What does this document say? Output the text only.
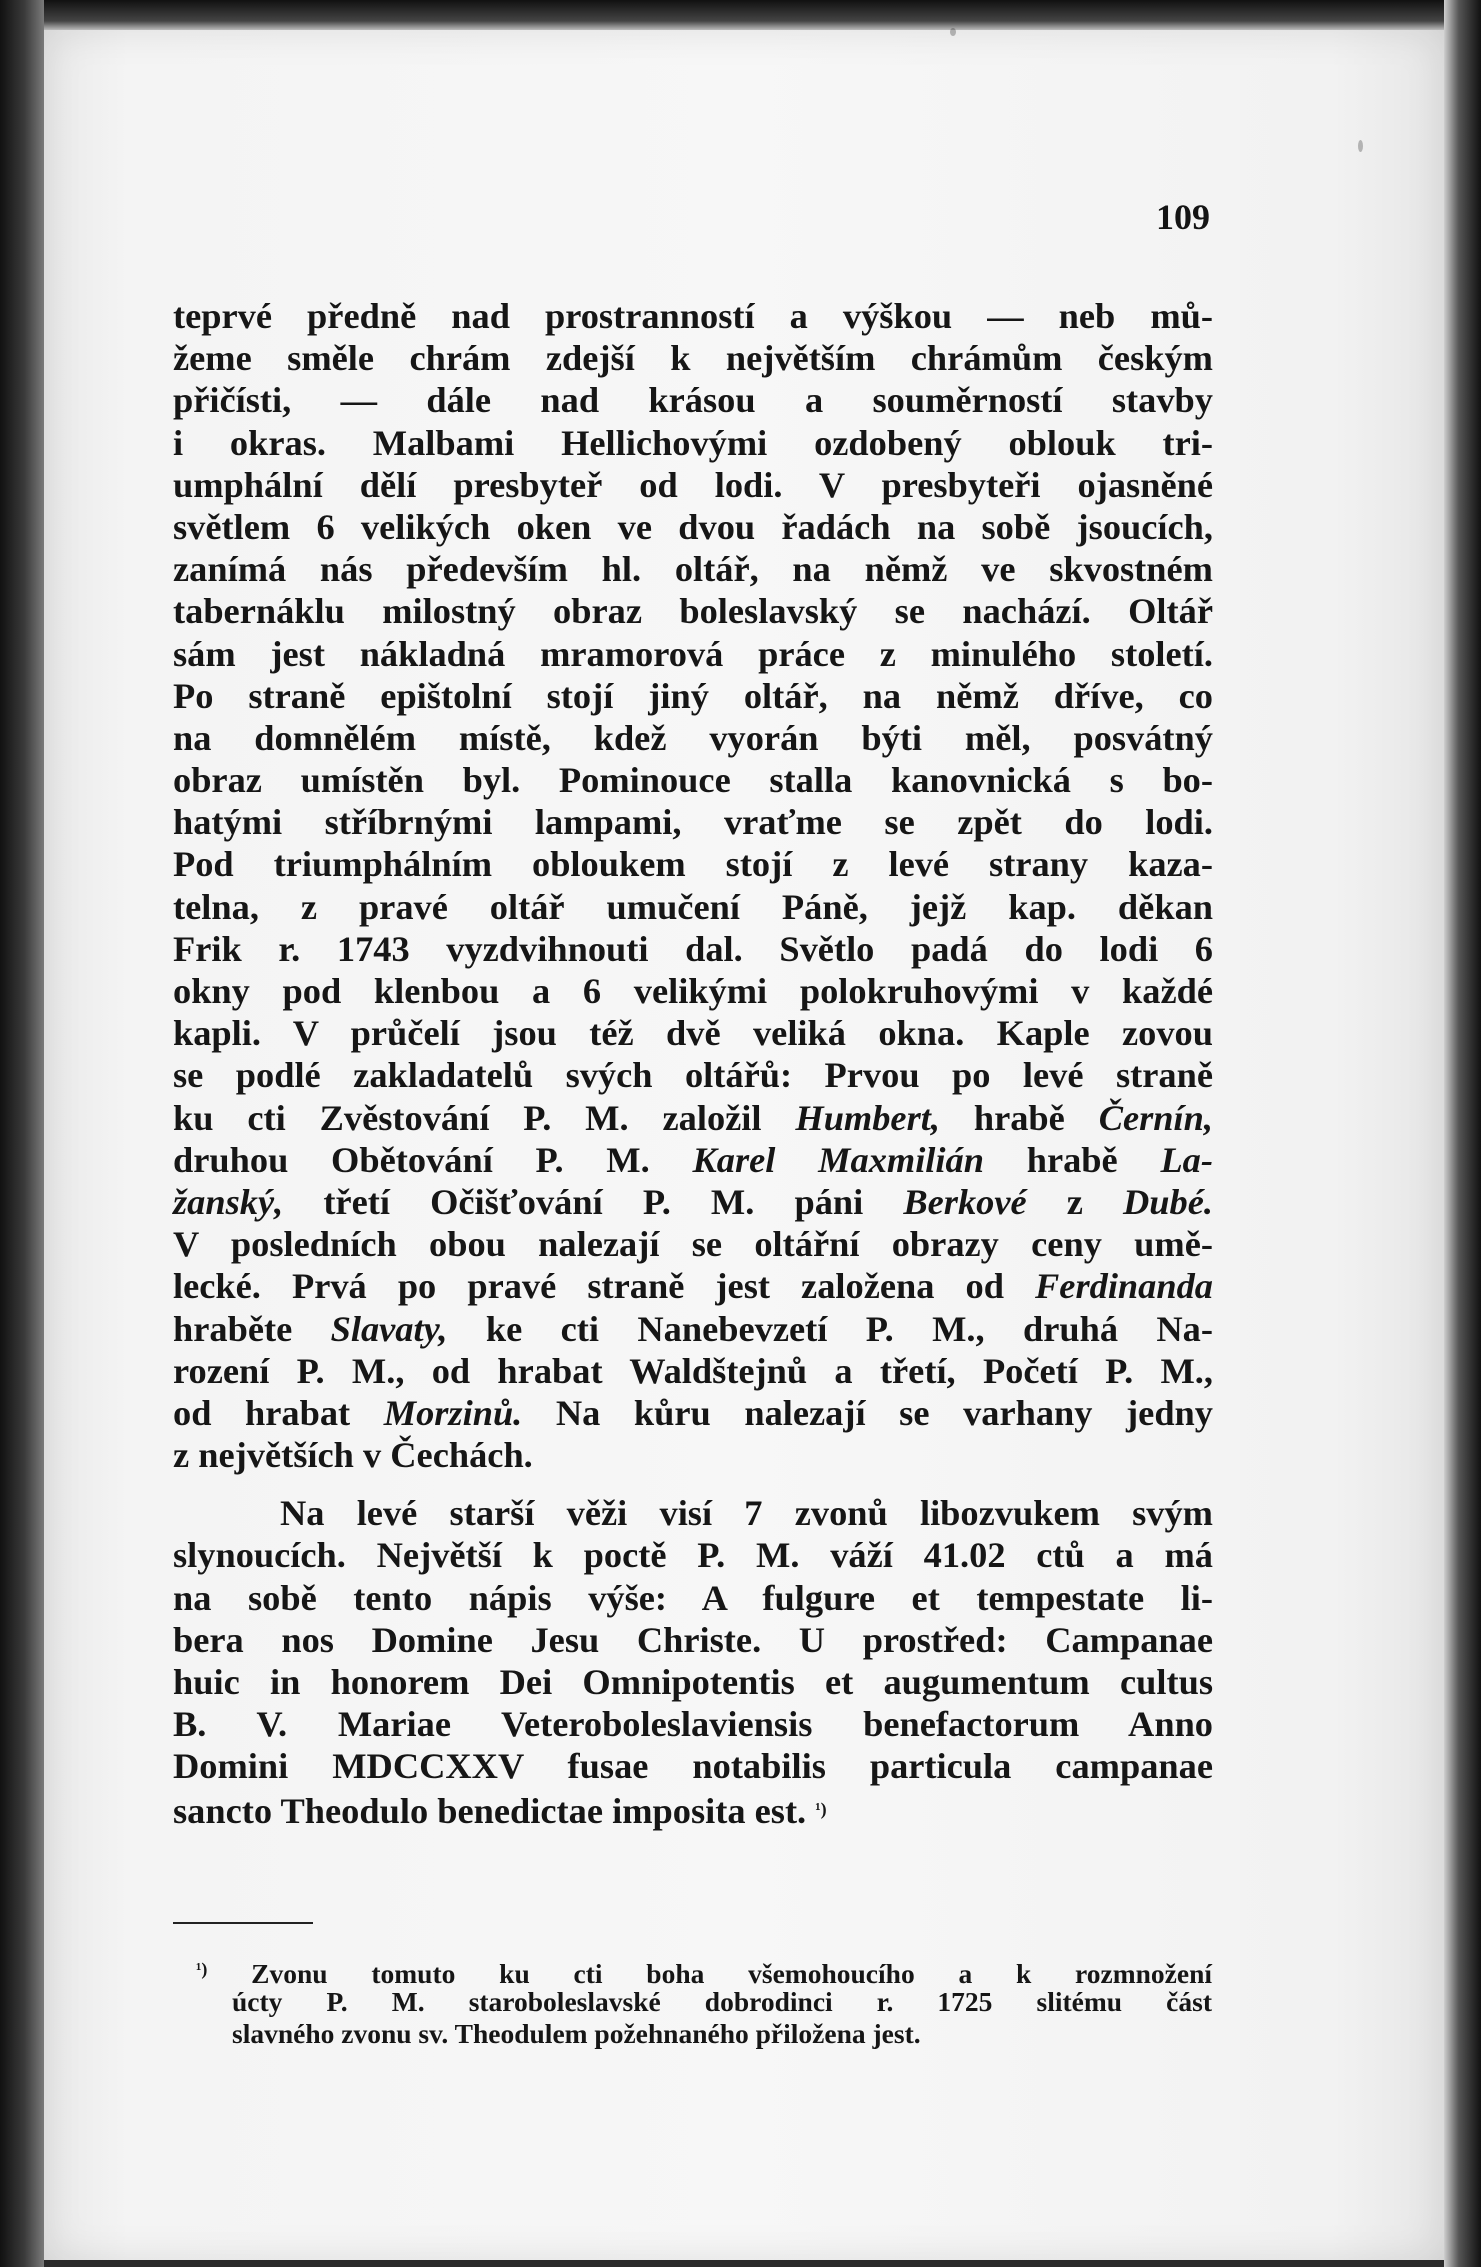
109
teprvé předně nad prostranností a výškou — neb mů-
žeme směle chrám zdejší k největším chrámům českým
přičísti, — dále nad krásou a souměrností stavby
i okras. Malbami Hellichovými ozdobený oblouk tri-
umphální dělí presbyteř od lodi. V presbyteři ojasněné
světlem 6 velikých oken ve dvou řadách na sobě jsoucích,
zanímá nás především hl. oltář, na němž ve skvostném
tabernáklu milostný obraz boleslavský se nachází. Oltář
sám jest nákladná mramorová práce z minulého století.
Po straně epištolní stojí jiný oltář, na němž dříve, co
na domnělém místě, kdež vyorán býti měl, posvátný
obraz umístěn byl. Pominouce stalla kanovnická s bo-
hatými stříbrnými lampami, vraťme se zpět do lodi.
Pod triumphálním obloukem stojí z levé strany kaza-
telna, z pravé oltář umučení Páně, jejž kap. děkan
Frik r. 1743 vyzdvihnouti dal. Světlo padá do lodi 6
okny pod klenbou a 6 velikými polokruhovými v každé
kapli. V průčelí jsou též dvě veliká okna. Kaple zovou
se podlé zakladatelů svých oltářů: Prvou po levé straně
ku cti Zvěstování P. M. založil Humbert, hrabě Černín,
druhou Obětování P. M. Karel Maxmilián hrabě La-
žanský, třetí Očišťování P. M. páni Berkové z Dubé.
V posledních obou nalezají se oltářní obrazy ceny umě-
lecké. Prvá po pravé straně jest založena od Ferdinanda
hraběte Slavaty, ke cti Nanebevzetí P. M., druhá Na-
rození P. M., od hrabat Waldštejnů a třetí, Početí P. M.,
od hrabat Morzinů. Na kůru nalezají se varhany jedny
z největších v Čechách.
Na levé starší věži visí 7 zvonů libozvukem svým
slynoucích. Největší k poctě P. M. váží 41.02 ctů a má
na sobě tento nápis výše: A fulgure et tempestate li-
bera nos Domine Jesu Christe. U prostřed: Campanae
huic in honorem Dei Omnipotentis et augumentum cultus
B. V. Mariae Veteroboleslaviensis benefactorum Anno
Domini MDCCXXV fusae notabilis particula campanae
sancto Theodulo benedictae imposita est. $^{^1)}$
$^{^1)}$ Zvonu tomuto ku cti boha všemohoucího a k rozmnožení
úcty P. M. staroboleslavské dobrodinci r. 1725 slitému část
slavného zvonu sv. Theodulem požehnaného přiložena jest.
